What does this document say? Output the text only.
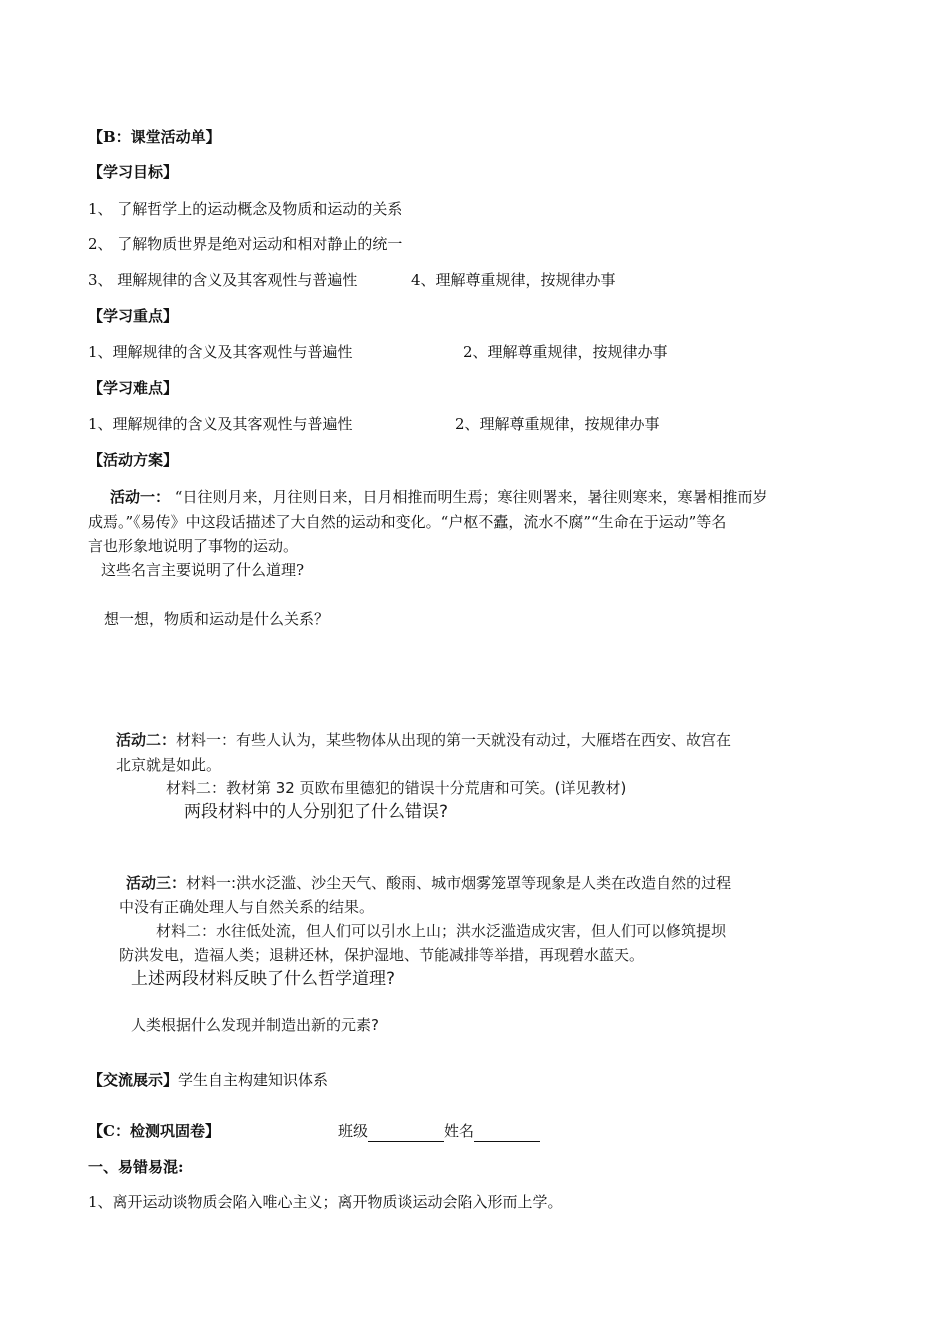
【B：课堂活动单】
【学习目标】
1、 了解哲学上的运动概念及物质和运动的关系
2、 了解物质世界是绝对运动和相对静止的统一
3、 理解规律的含义及其客观性与普遍性	4、理解尊重规律，按规律办事
【学习重点】
1、理解规律的含义及其客观性与普遍性	2、理解尊重规律，按规律办事
【学习难点】
1、理解规律的含义及其客观性与普遍性	2、理解尊重规律，按规律办事
【活动方案】
活动一： “日往则月来，月往则日来，日月相推而明生焉；寒往则署来，暑往则寒来，寒暑相推而岁
成焉。”《易传》中这段话描述了大自然的运动和变化。“户枢不蠹，流水不腐”“生命在于运动”等名
言也形象地说明了事物的运动。
这些名言主要说明了什么道理?
想一想，物质和运动是什么关系？
活动二：材料一：有些人认为，某些物体从出现的第一天就没有动过，大雁塔在西安、故宫在
北京就是如此。
材料二：教材第 32 页欧布里德犯的错误十分荒唐和可笑。(详见教材)
两段材料中的人分别犯了什么错误?
活动三：材料一:洪水泛滥、沙尘天气、酸雨、城市烟雾笼罩等现象是人类在改造自然的过程
中没有正确处理人与自然关系的结果。
材料二：水往低处流，但人们可以引水上山；洪水泛滥造成灾害，但人们可以修筑提坝
防洪发电，造福人类；退耕还林，保护湿地、节能减排等举措，再现碧水蓝天。
上述两段材料反映了什么哲学道理?
人类根据什么发现并制造出新的元素?
【交流展示】学生自主构建知识体系
【C：检测巩固卷】	班级	姓名
一、易错易混:
1、离开运动谈物质会陷入唯心主义；离开物质谈运动会陷入形而上学。
